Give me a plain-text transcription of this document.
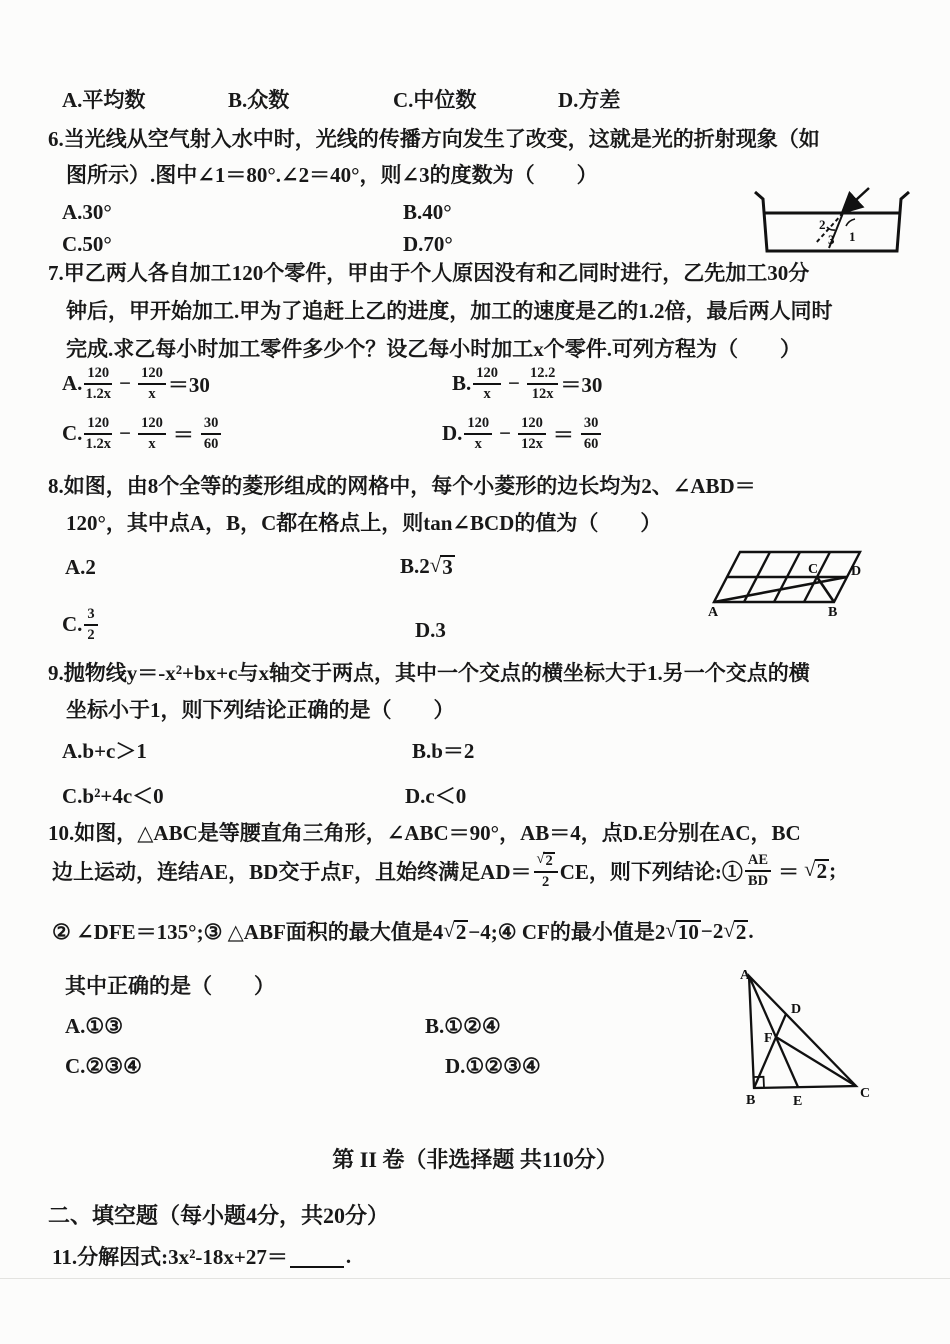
A.平均数	B.众数	C.中位数	D.方差
6.当光线从空气射入水中时，光线的传播方向发生了改变，这就是光的折射现象（如
图所示）.图中∠1＝80°.∠2＝40°，则∠3的度数为（　　）
A.30°	B.40°
C.50°	D.70°
2
3 1
7.甲乙两人各自加工120个零件，甲由于个人原因没有和乙同时进行，乙先加工30分
钟后，甲开始加工.甲为了追赶上乙的进度，加工的速度是乙的1.2倍，最后两人同时
完成.求乙每小时加工零件多少个？设乙每小时加工x个零件.可列方程为（　　）
A. $\frac{120}{1.2x} - \frac{120}{x} =30$	B. $\frac{120}{x} - \frac{12.2}{12x} =30$
C. $\frac{120}{1.2x} - \frac{120}{x} = \frac{30}{60}$	D. $\frac{120}{x} - \frac{120}{12x} = \frac{30}{60}$
8.如图，由8个全等的菱形组成的网格中，每个小菱形的边长均为2、∠ABD＝
120°，其中点A，B，C都在格点上，则tan∠BCD的值为（　　）
A.2	B.2 √ 3
C. $\frac{3}{2}$	D.3
A	B
C D
9.抛物线y＝-x²+bx+c与x轴交于两点，其中一个交点的横坐标大于1.另一个交点的横
坐标小于1，则下列结论正确的是（　　）
A.b+c＞1	B.b＝2
C.b²+4c＜0	D.c＜0
10.如图，△ABC是等腰直角三角形，∠ABC＝90°，AB＝4，点D.E分别在AC，BC
边上运动，连结AE，BD交于点F，且始终满足$AD= \frac{√ 2}{2}$ CE，则下列结论:① $\frac{AE}{BD}$ ＝ √ 2 ;
② ∠DFE＝135°;③ △ABF面积的最大值是4 √ 2 −4;④ CF的最小值是2 √ 10 −2 √ 2 .
其中正确的是（　　）
A.①③	B.①②④
C.②③④	D.①②③④
A
B	C
D
E
F
第 II 卷（非选择题 共110分）
二、填空题（每小题4分，共20分）
11.分解因式:3x²-18x+27＝	.
